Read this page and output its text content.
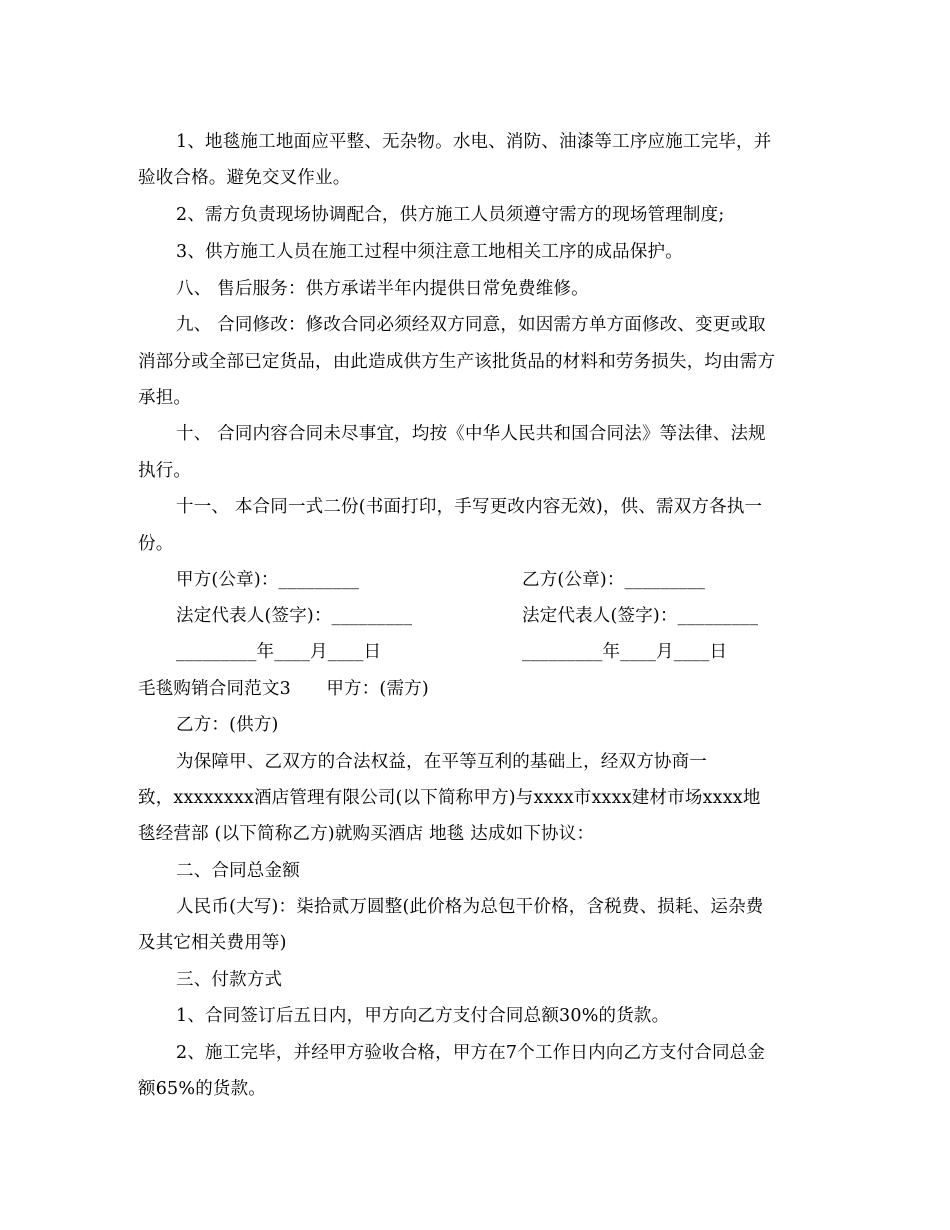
1、地毯施工地面应平整、无杂物。水电、消防、油漆等工序应施工完毕，并
验收合格。避免交叉作业。
2、需方负责现场协调配合，供方施工人员须遵守需方的现场管理制度;
3、供方施工人员在施工过程中须注意工地相关工序的成品保护。
八、 售后服务：供方承诺半年内提供日常免费维修。
九、 合同修改：修改合同必须经双方同意，如因需方单方面修改、变更或取
消部分或全部已定货品，由此造成供方生产该批货品的材料和劳务损失，均由需方
承担。
十、 合同内容合同未尽事宜，均按《中华人民共和国合同法》等法律、法规
执行。
十一、 本合同一式二份(书面打印，手写更改内容无效)，供、需双方各执一
份。
甲方(公章)：_________	乙方(公章)：_________
法定代表人(签字)：_________	法定代表人(签字)：_________
_________年____月____日	_________年____月____日
毛毯购销合同范文3　　甲方：(需方)
乙方：(供方)
为保障甲、乙双方的合法权益，在平等互利的基础上，经双方协商一
致，xxxxxxxx酒店管理有限公司(以下简称甲方)与xxxx市xxxx建材市场xxxx地
毯经营部 (以下简称乙方)就购买酒店 地毯 达成如下协议：
二、合同总金额
人民币(大写)：柒拾贰万圆整(此价格为总包干价格，含税费、损耗、运杂费
及其它相关费用等)
三、付款方式
1、合同签订后五日内，甲方向乙方支付合同总额30%的货款。
2、施工完毕，并经甲方验收合格，甲方在7个工作日内向乙方支付合同总金
额65%的货款。
